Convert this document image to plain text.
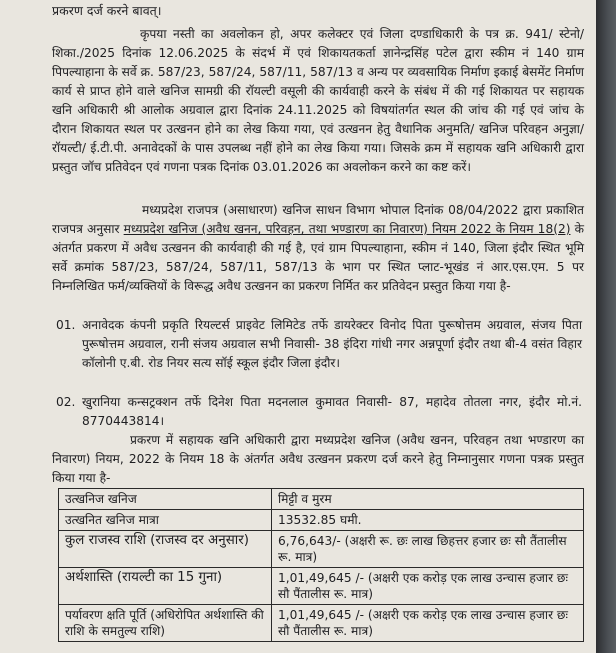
प्रकरण दर्ज करने बावत्।

कृपया नस्ती का अवलोकन हो, अपर कलेक्टर एवं जिला दण्डाधिकारी के पत्र क्र. 941/ स्टेनो/ शिका./2025 दिनांक 12.06.2025 के संदर्भ में एवं शिकायतकर्ता ज्ञानेन्द्रसिंह पटेल द्वारा स्कीम नं 140 ग्राम पिपल्याहाना के सर्वे क्र. 587/23, 587/24, 587/11, 587/13 व अन्य पर व्यवसायिक निर्माण इकाई बेसमेंट निर्माण कार्य से प्राप्त होने वाले खनिज सामग्री की रॉयल्टी वसूली की कार्यवाही करने के संबंध में की गई शिकायत पर सहायक खनि अधिकारी श्री आलोक अग्रवाल द्वारा दिनांक 24.11.2025 को विषयांतर्गत स्थल की जांच की गई एवं जांच के दौरान शिकायत स्थल पर उत्खनन होने का लेख किया गया, एवं उत्खनन हेतु वैधानिक अनुमति/ खनिज परिवहन अनुज्ञा/ रॉयल्टी/ ई.टी.पी. अनावेदकों के पास उपलब्ध नहीं होने का लेख किया गया। जिसके क्रम में सहायक खनि अधिकारी द्वारा प्रस्तुत जॉच प्रतिवेदन एवं गणना पत्रक दिनांक 03.01.2026 का अवलोकन करने का कष्ट करें।

मध्यप्रदेश राजपत्र (असाधारण) खनिज साधन विभाग भोपाल दिनांक 08/04/2022 द्वारा प्रकाशित राजपत्र अनुसार मध्यप्रदेश खनिज (अवैध खनन, परिवहन, तथा भण्डारण का निवारण) नियम 2022 के नियम 18(2) के अंतर्गत प्रकरण में अवैध उत्खनन की कार्यवाही की गई है, एवं ग्राम पिपल्याहाना, स्कीम नं 140, जिला इंदौर स्थित भूमि सर्वे क्रमांक 587/23, 587/24, 587/11, 587/13 के भाग पर स्थित प्लाट-भूखंड नं आर.एस.एम. 5 पर निम्नलिखित फर्म/व्यक्तियों के विरूद्ध अवैध उत्खनन का प्रकरण निर्मित कर प्रतिवेदन प्रस्तुत किया गया है-

01. अनावेदक कंपनी प्रकृति रियल्टर्स प्राइवेट लिमिटेड तर्फे डायरेक्टर विनोद पिता पुरूषोत्तम अग्रवाल, संजय पिता पुरूषोत्तम अग्रवाल, रानी संजय अग्रवाल सभी निवासी- 38 इंदिरा गांधी नगर अन्नपूर्णा इंदौर तथा बी-4 वसंत विहार कॉलोनी ए.बी. रोड नियर सत्य सॉई स्कूल इंदौर जिला इंदौर।
02. खुरानिया कन्सट्रक्शन तर्फे दिनेश पिता मदनलाल कुमावत निवासी- 87, महादेव तोतला नगर, इंदौर मो.नं. 8770443814।

प्रकरण में सहायक खनि अधिकारी द्वारा मध्यप्रदेश खनिज (अवैध खनन, परिवहन तथा भण्डारण का निवारण) नियम, 2022 के नियम 18 के अंतर्गत अवैध उत्खनन प्रकरण दर्ज करने हेतु निम्नानुसार गणना पत्रक प्रस्तुत किया गया है-

उत्खनिज खनिज	मिट्टी व मुरम
उत्खनित खनिज मात्रा	13532.85 घमी.
कुल राजस्व राशि (राजस्व दर अनुसार)	6,76,643/- (अक्षरी रू. छः लाख छिहत्तर हजार छः सौ तैंतालीस रू. मात्र)
अर्थशास्ति (रायल्टी का 15 गुना)	1,01,49,645 /- (अक्षरी एक करोड़ एक लाख उन्चास हजार छः सौ पैंतालीस रू. मात्र)
पर्यावरण क्षति पूर्ति (अधिरोपित अर्थशास्ति की राशि के समतुल्य राशि)	1,01,49,645 /- (अक्षरी एक करोड़ एक लाख उन्चास हजार छः सौ पैंतालीस रू. मात्र)
